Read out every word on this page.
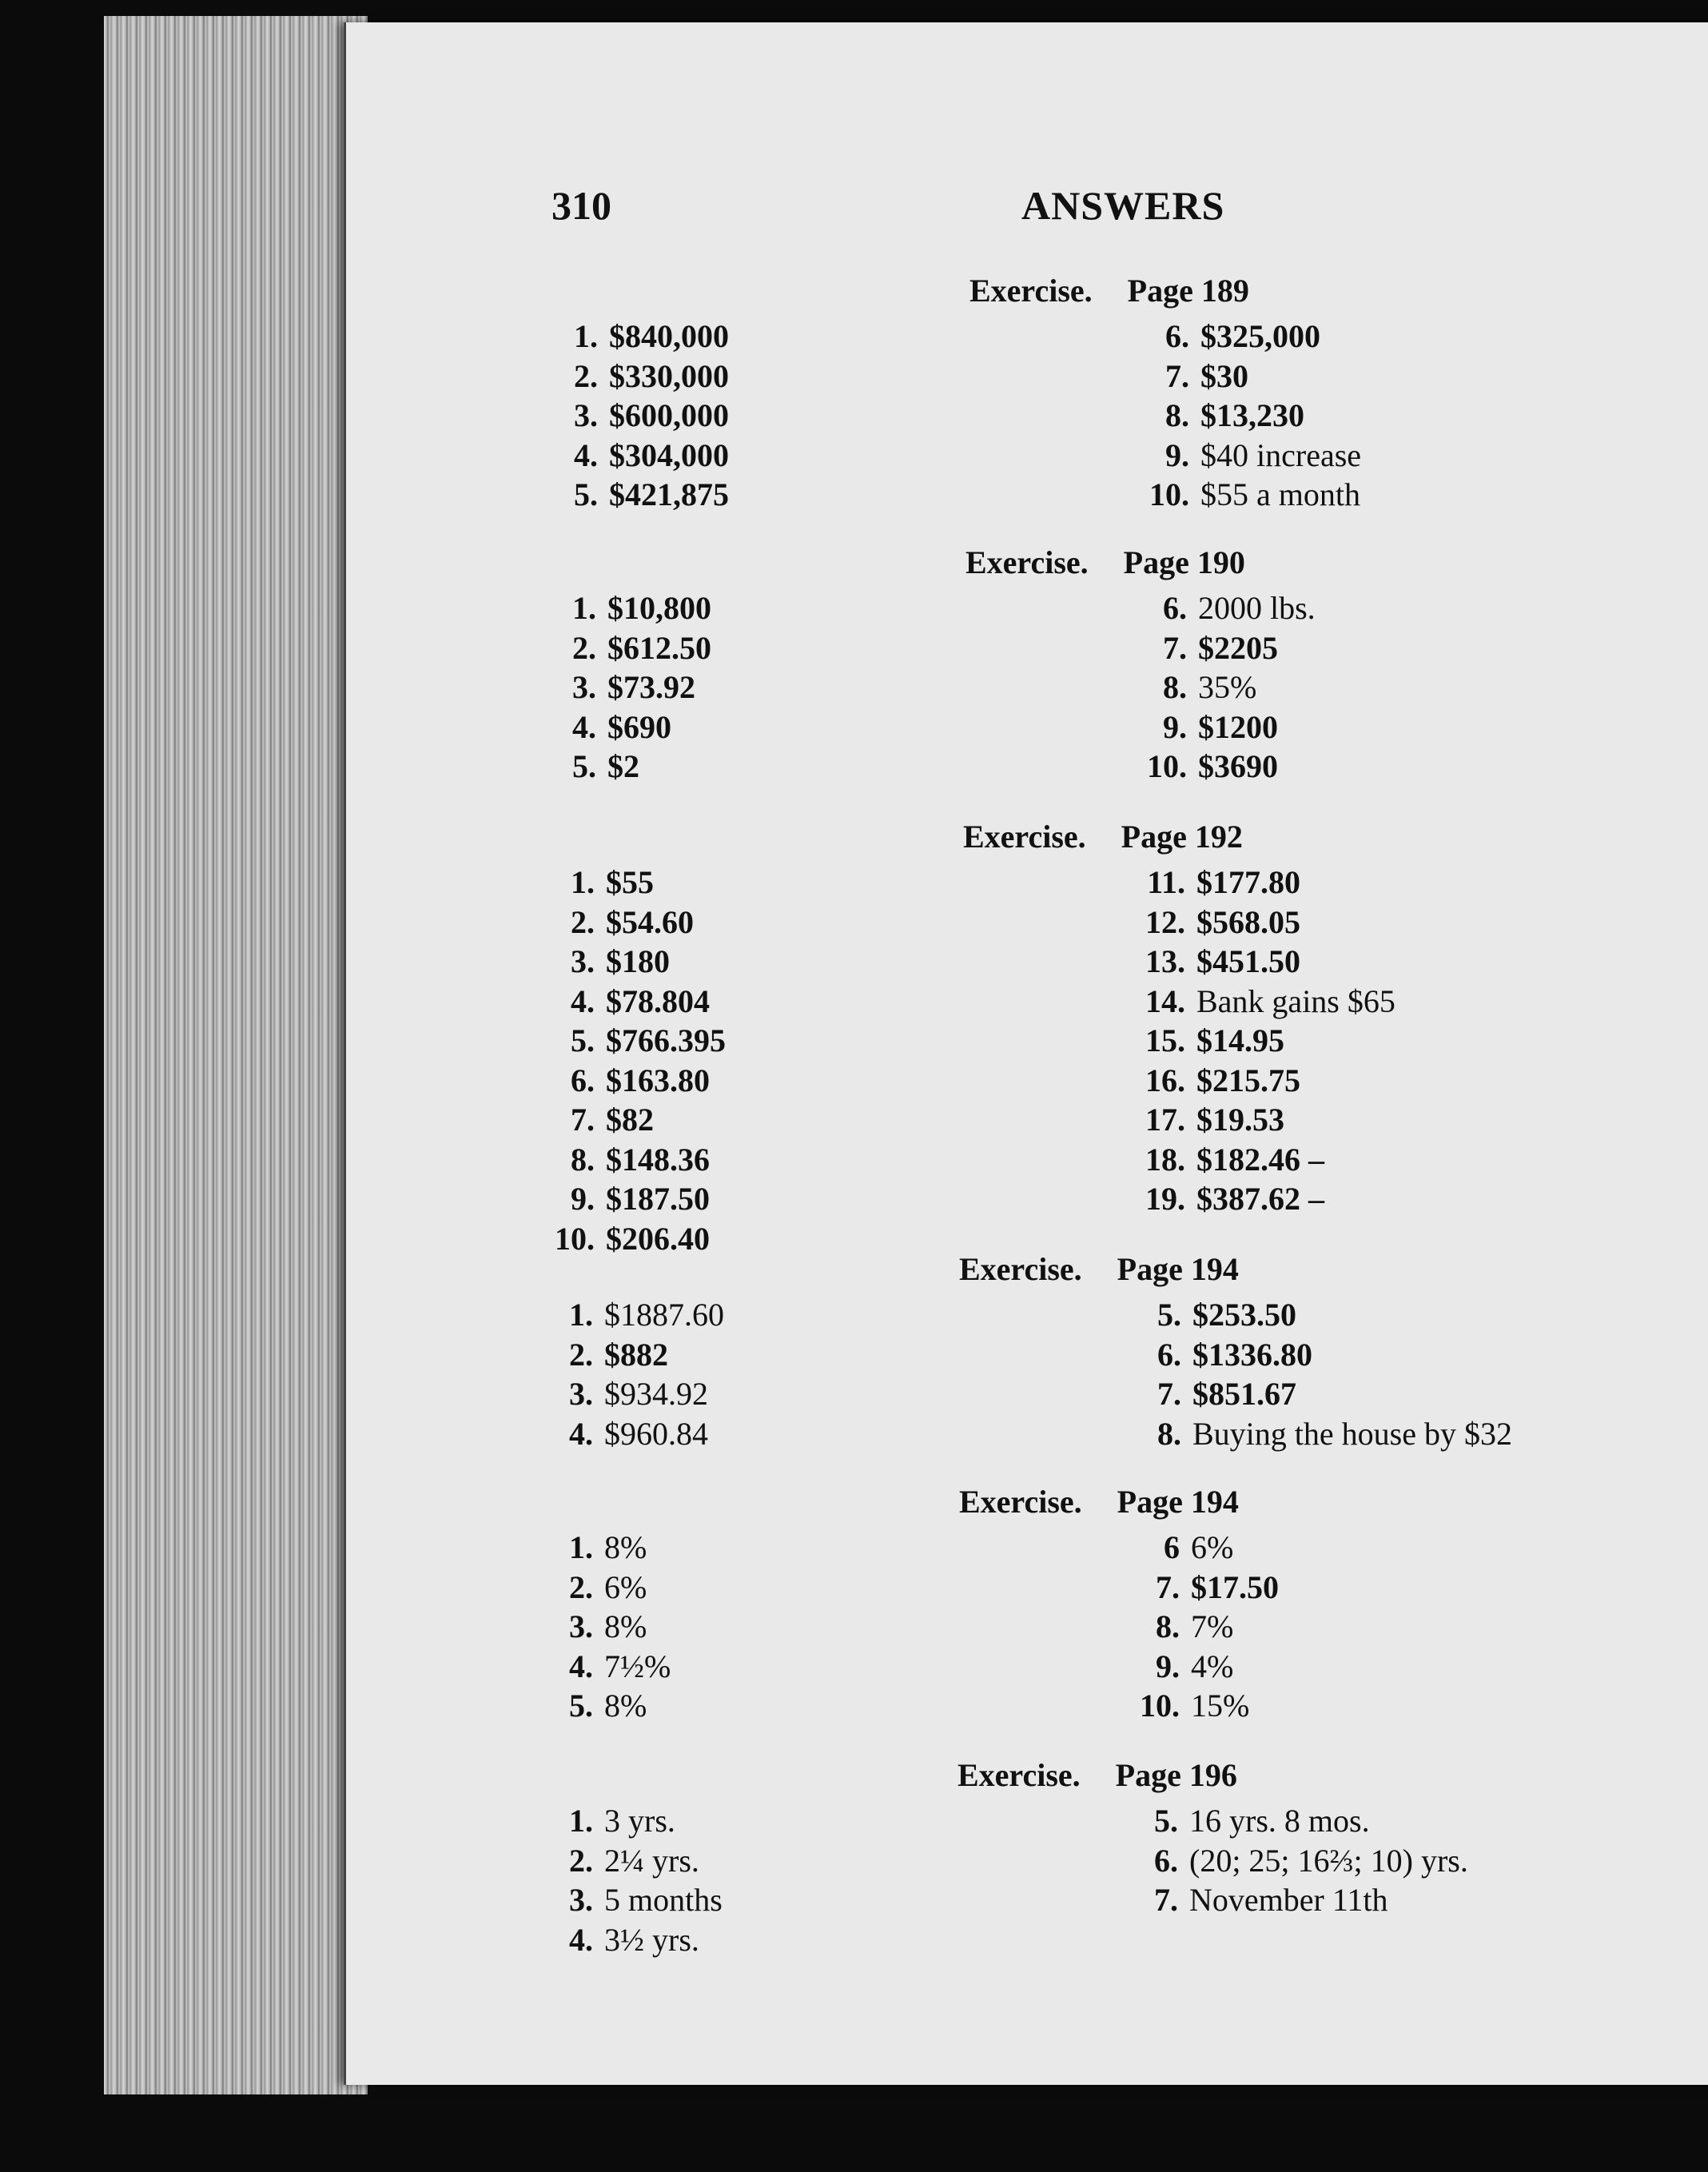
310	ANSWERS
Exercise. Page 189
1. $840,000
2. $330,000
3. $600,000
4. $304,000
5. $421,875
6. $325,000
7. $30
8. $13,230
9. $40 increase
10. $55 a month
Exercise. Page 190
1. $10,800
2. $612.50
3. $73.92
4. $690
5. $2
6. 2000 lbs.
7. $2205
8. 35%
9. $1200
10. $3690
Exercise. Page 192
1. $55
2. $54.60
3. $180
4. $78.804
5. $766.395
6. $163.80
7. $82
8. $148.36
9. $187.50
10. $206.40
11. $177.80
12. $568.05
13. $451.50
14. Bank gains $65
15. $14.95
16. $215.75
17. $19.53
18. $182.46 –
19. $387.62 –
Exercise. Page 194
1. $1887.60
2. $882
3. $934.92
4. $960.84
5. $253.50
6. $1336.80
7. $851.67
8. Buying the house by $32
Exercise. Page 194
1. 8%
2. 6%
3. 8%
4. 7½%
5. 8%
6 6%
7. $17.50
8. 7%
9. 4%
10. 15%
Exercise. Page 196
1. 3 yrs.
2. 2¼ yrs.
3. 5 months
4. 3½ yrs.
5. 16 yrs. 8 mos.
6. (20; 25; 16⅔; 10) yrs.
7. November 11th
